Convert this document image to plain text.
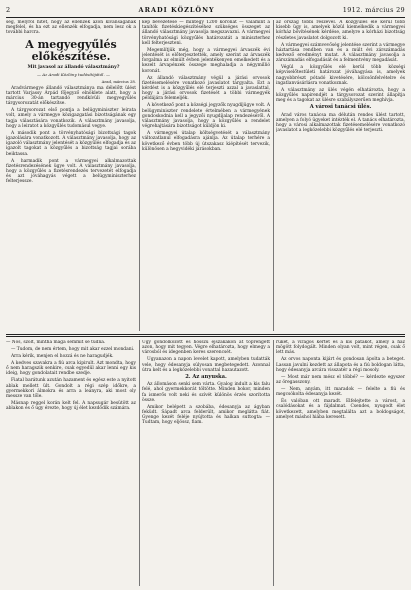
2	ARADI KÖZLÖNY	1912. március 29

ség, melyről hitet, hogy az ellenzék azon kivánságának megfelel, és ha ezt az ellenzék elfogadja, nem lesz ok a további harcra.

A megyegyűlés előkészítése.

Mit javasol az állandó választmány?

— Az Aradi Közlöny tudósítójától. —

Arad, március 28.

Aradvármegye állandó választmánya ma délelőtt ülést tartott Varjassy Árpád főjegyző elnöklete alatt, hogy a március 30-án tartandó rendkívüli megyegyűlés tárgysorozatát előkészítse.

A tárgysorozat első pontja a belügyminiszter leirata volt, amely a vármegye közigazgatási bizottságának egy tagja választására vonatkozik. A választmány javasolja, hogy a leiratot a közgyűlés tudomásul vegye.

A második pont a törvényhatósági bizottsági tagok igazolására vonatkozott. A választmány javasolja, hogy az igazoló választmány jelentését a közgyűlés elfogadja és az igazolt tagokat a közgyűlés a bizottság tagjai sorába beiktassa.

A harmadik pont a vármegyei alkalmazottak fizetésrendezésének ügye volt. A választmány javasolja, hogy a közgyűlés a fizetésrendezés tervezetét elfogadja és azt jóváhagyás végett a belügyminiszterhez felterjessze.

kép bevezetése — mintegy 1200 koronát — valamint a tanítók fizetéskiegészítéséhez szükséges összeget az állandó választmány javasolja megszavazni. A vármegyei törvényhatósági közgyűlés határozatát a miniszterhez kell felterjeszteni.

Megemlítjük még, hogy a vármegyei árvaszék évi jelentését is előterjesztették, amely szerint az árvaszék forgalma az elmúlt évben jelentékenyen emelkedett és a kezelt árvapénzek összege meghaladja a négymillió koronát.

Az állandó választmány végül a járási orvosok fizetésemelésére vonatkozó javaslatot tárgyalta. Ezt a kérdést is a közgyűlés elé terjeszti azzal a javaslattal, hogy a járási orvosok fizetését a többi vármegyék példájára felemeljék.

A következő pont a községi jegyzők nyugdíjügye volt. A belügyminiszter rendelete értelmében a vármegyének gondoskodnia kell a jegyzői nyugdíjalap rendezéséről. A választmány javasolja, hogy a közgyűlés a rendelet végrehajtására bizottságot küldjön ki.

A vármegyei útalap költségvetését a választmány változatlanul elfogadásra ajánlja. Az útalap terhére a következő évben több új útszakasz kiépítését tervezik, különösen a hegyvidéki járásokban.

az ország többi részével. A közgyűlés elé kerül több kisebb ügy is, amelyek közül kiemelkedik a vármegyei kórház bővítésének kérdése, amelyre a kórházi bizottság részletes javaslatot dolgozott ki.

A vármegyei számvevőség jelentése szerint a vármegye háztartása rendben van és a múlt évi zárszámadás kedvező eredményt mutat. A választmány javasolja a zárszámadás elfogadását és a felmentvény megadását.

Végül a közgyűlés elé kerül több községi képviselőtestületi határozat jóváhagyása is, amelyek nagyobbrészt pótadó kivetésére, kölcsönfelvételre és ingatlanvásárlásra vonatkoznak.

A választmány az ülés végén elhatározta, hogy a közgyűlés napirendjét a tárgysorozat szerint állapítja meg és a tagokat az ülésre szabályszerűen meghívja.

A városi tanácsi ülés.

Arad város tanácsa ma délután rendes ülést tartott, amelyen a folyó ügyeket intézték el. A tanács elhatározta, hogy a városi alkalmazottak fizetésemelésére vonatkozó javaslatot a legközelebbi közgyűlés elé terjeszti.

— Nos, szólt, mintha maga semmit se tudna.

— Tudom, de nem értem, hogy mit akar ezzel mondani.

Arra kérik, menjen el hozzá és ne haragudjék.

A kedves szavakra a fiú arca kipirult. Azt mondta, hogy ő nem haragszik senkire, csak egyedül akar lenni egy kis ideig, hogy gondolatait rendbe szedje.

Fiatal barátunk azután hazament és egész este a nyitott ablak mellett ült. Gondolt a régi szép időkre, a gyermekkori álmokra és arra a leányra, aki most oly messze van tőle.

Másnap reggel korán kelt fel. A napsugár besütött az ablakon és ő úgy érezte, hogy új élet kezdődik számára.

Úgy gondolkozott és hosszú éjszakákon át töprengett azon, hogy mit tegyen. Végre elhatározta, hogy elmegy a városból és idegenben keres szerencsét.

Ugyanazon a napon levelet kapott, amelyben tudatták vele, hogy édesanyja súlyosan megbetegedett. Azonnal útra kelt és a legközelebbi vonattal hazautazott.

2. Az anyuska.

Az állomáson senki sem várta. Gyalog indult a kis falu felé, ahol gyermekkorát töltötte. Minden bokor, minden fa ismerős volt neki és szívét különös érzés szorította össze.

Amikor belépett a szobába, édesanyja az ágyban feküdt. Sápadt arca felderült, amikor meglátta fiát. Gyenge kezét feléje nyújtotta és halkan suttogta: — Tudtam, hogy eljössz, fiam.

rüket, a virágos kertet és a kis patakot, amely a ház mögött folydogált. Minden olyan volt, mint régen, csak ő lett más.

Az orvos naponta kijárt és gondosan ápolta a beteget. Lassan javulni kezdett az állapota és a fiú boldogan látta, hogy édesanyja arcára visszatér a régi mosoly.

— Most már nem mész el többé? — kérdezte egyszer az öregasszony.

— Nem, anyám, itt maradok — felelte a fiú és megcsókolta édesanyja kezét.

És valóban ott maradt. Elfelejtette a várost, a csalódásokat és a fájdalmat. Csendes, nyugodt élet következett, amelyben megtalálta azt a boldogságot, amelyet máshol hiába keresett.
